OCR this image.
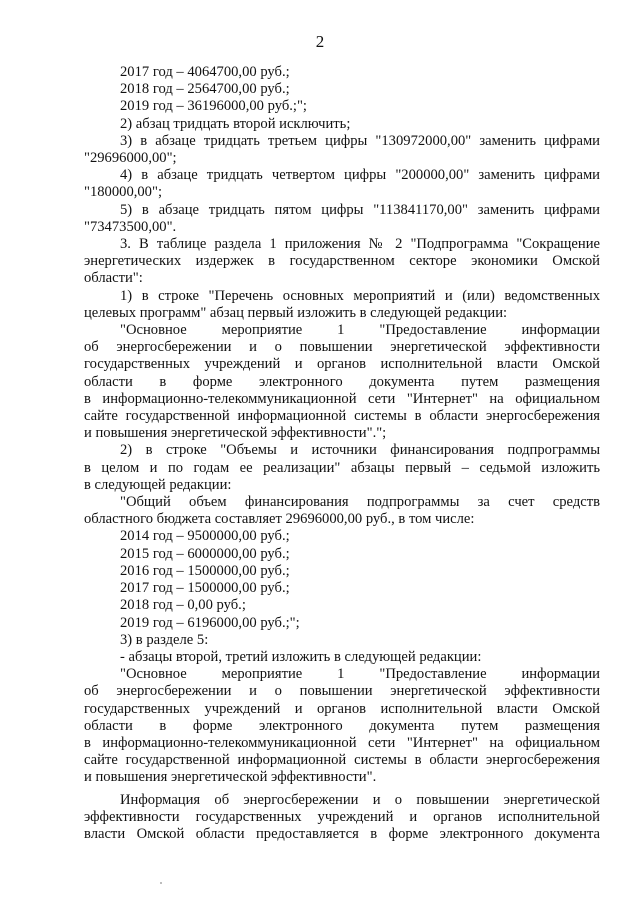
2
2017 год – 4064700,00 руб.;
2018 год – 2564700,00 руб.;
2019 год – 36196000,00 руб.;";
2) абзац тридцать второй исключить;
3) в абзаце тридцать третьем цифры "130972000,00" заменить цифрами
"29696000,00";
4) в абзаце тридцать четвертом цифры "200000,00" заменить цифрами
"180000,00";
5) в абзаце тридцать пятом цифры "113841170,00" заменить цифрами
"73473500,00".
3. В таблице раздела 1 приложения № 2 "Подпрограмма "Сокращение
энергетических издержек в государственном секторе экономики Омской
области":
1) в строке "Перечень основных мероприятий и (или) ведомственных
целевых программ" абзац первый изложить в следующей редакции:
"Основное мероприятие 1 "Предоставление информации
об энергосбережении и о повышении энергетической эффективности
государственных учреждений и органов исполнительной власти Омской
области в форме электронного документа путем размещения
в информационно-телекоммуникационной сети "Интернет" на официальном
сайте государственной информационной системы в области энергосбережения
и повышения энергетической эффективности".";
2) в строке "Объемы и источники финансирования подпрограммы
в целом и по годам ее реализации" абзацы первый – седьмой изложить
в следующей редакции:
"Общий объем финансирования подпрограммы за счет средств
областного бюджета составляет 29696000,00 руб., в том числе:
2014 год – 9500000,00 руб.;
2015 год – 6000000,00 руб.;
2016 год – 1500000,00 руб.;
2017 год – 1500000,00 руб.;
2018 год – 0,00 руб.;
2019 год – 6196000,00 руб.;";
3) в разделе 5:
- абзацы второй, третий изложить в следующей редакции:
"Основное мероприятие 1 "Предоставление информации
об энергосбережении и о повышении энергетической эффективности
государственных учреждений и органов исполнительной власти Омской
области в форме электронного документа путем размещения
в информационно-телекоммуникационной сети "Интернет" на официальном
сайте государственной информационной системы в области энергосбережения
и повышения энергетической эффективности".
Информация об энергосбережении и о повышении энергетической
эффективности государственных учреждений и органов исполнительной
власти Омской области предоставляется в форме электронного документа
